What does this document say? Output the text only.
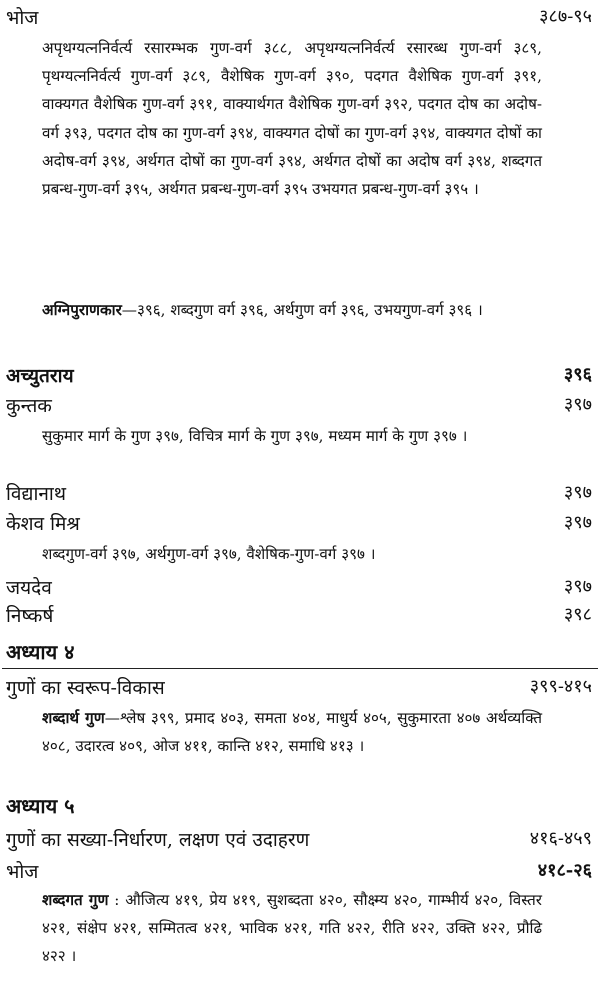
भोज	३८७-९५
अपृथग्यत्ननिर्वर्त्य रसारम्भक गुण-वर्ग ३८८, अपृथग्यत्ननिर्वर्त्य रसारब्ध गुण-वर्ग ३८९, पृथग्यत्ननिर्वर्त्य गुण-वर्ग ३८९, वैशेषिक गुण-वर्ग ३९०, पदगत वैशेषिक गुण-वर्ग ३९१, वाक्यगत वैशेषिक गुण-वर्ग ३९१, वाक्यार्थगत वैशेषिक गुण-वर्ग ३९२, पदगत दोष का अदोष-वर्ग ३९३, पदगत दोष का गुण-वर्ग ३९४, वाक्यगत दोषों का गुण-वर्ग ३९४, वाक्यगत दोषों का अदोष-वर्ग ३९४, अर्थगत दोषों का गुण-वर्ग ३९४, अर्थगत दोषों का अदोष वर्ग ३९४, शब्दगत प्रबन्ध-गुण-वर्ग ३९५, अर्थगत प्रबन्ध-गुण-वर्ग ३९५ उभयगत प्रबन्ध-गुण-वर्ग ३९५ ।
अग्निपुराणकार—३९६, शब्दगुण वर्ग ३९६, अर्थगुण वर्ग ३९६, उभयगुण-वर्ग ३९६ ।
अच्युतराय	३९६
कुन्तक	३९७
सुकुमार मार्ग के गुण ३९७, विचित्र मार्ग के गुण ३९७, मध्यम मार्ग के गुण ३९७ ।
विद्यानाथ	३९७
केशव मिश्र	३९७
शब्दगुण-वर्ग ३९७, अर्थगुण-वर्ग ३९७, वैशेषिक-गुण-वर्ग ३९७ ।
जयदेव	३९७
निष्कर्ष	३९८
अध्याय ४
गुणों का स्वरूप-विकास	३९९-४१५
शब्दार्थ गुण—श्लेष ३९९, प्रमाद ४०३, समता ४०४, माधुर्य ४०५, सुकुमारता ४०७ अर्थव्यक्ति ४०८, उदारत्व ४०९, ओज ४११, कान्ति ४१२, समाधि ४१३ ।
अध्याय ५
गुणों का सख्या-निर्धारण, लक्षण एवं उदाहरण	४१६-४५९
भोज	४१८-२६
शब्दगत गुण : औजित्य ४१९, प्रेय ४१९, सुशब्दता ४२०, सौक्ष्म्य ४२०, गाम्भीर्य ४२०, विस्तर ४२१, संक्षेप ४२१, सम्मितत्व ४२१, भाविक ४२१, गति ४२२, रीति ४२२, उक्ति ४२२, प्रौढि ४२२ ।
